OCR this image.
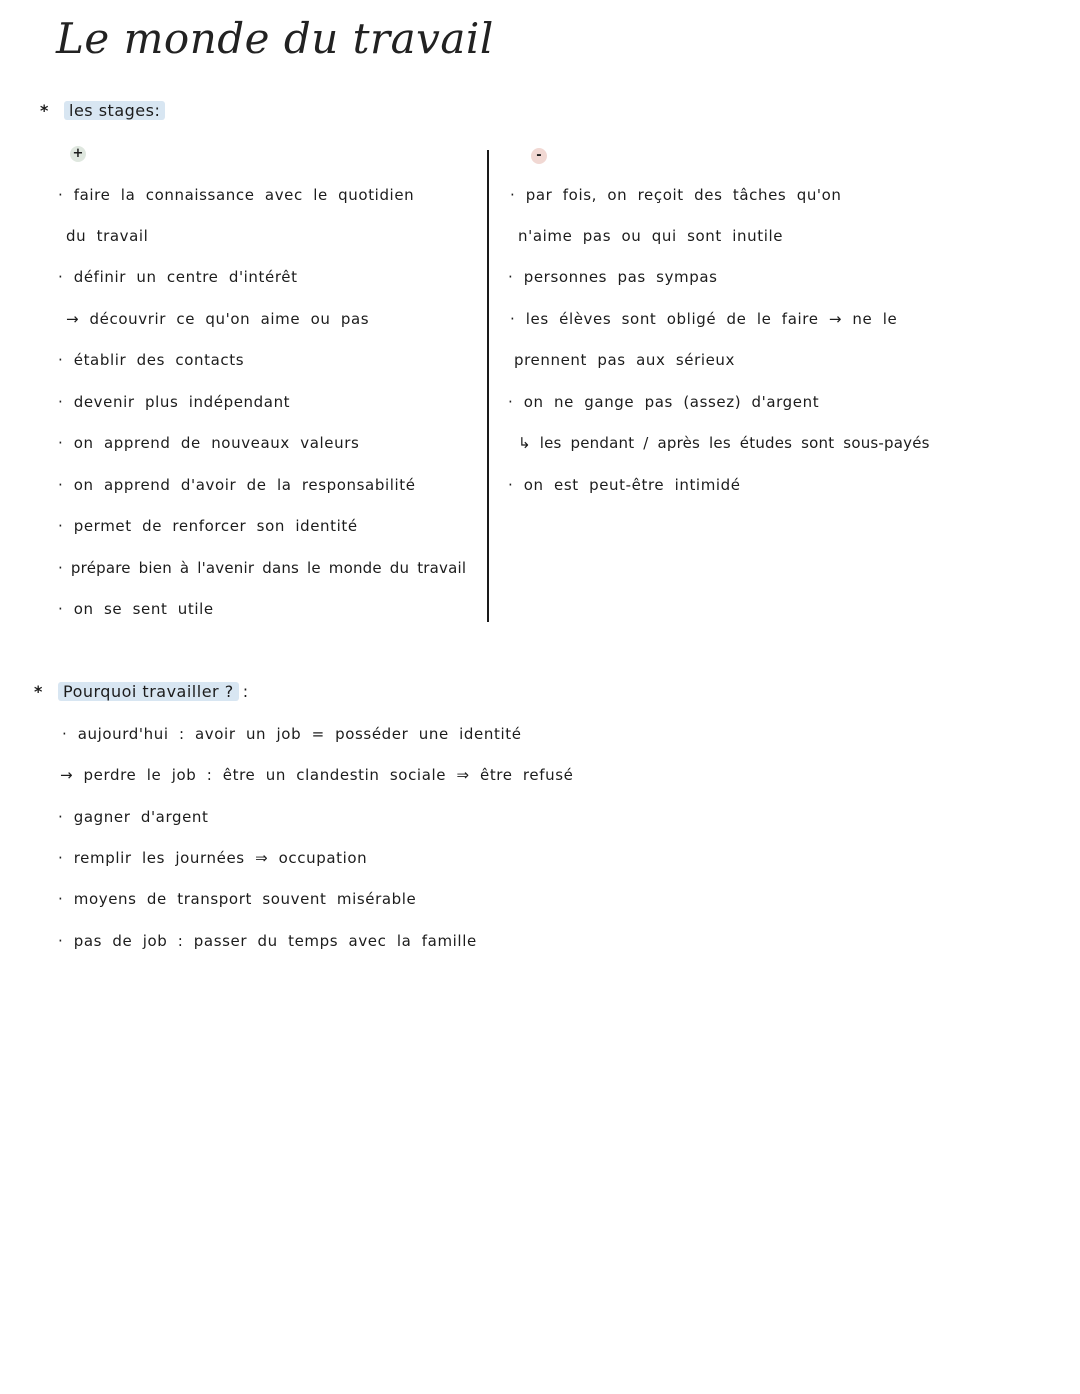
Le monde du travail
*	les stages:
+	-
· faire la connaissance avec le quotidien
du travail
· définir un centre d'intérêt
→ découvrir ce qu'on aime ou pas
· établir des contacts
· devenir plus indépendant
· on apprend de nouveaux valeurs
· on apprend d'avoir de la responsabilité
· permet de renforcer son identité
· prépare bien à l'avenir dans le monde du travail
· on se sent utile
· par fois, on reçoit des tâches qu'on
n'aime pas ou qui sont inutile
· personnes pas sympas
· les élèves sont obligé de le faire → ne le
prennent pas aux sérieux
· on ne gange pas (assez) d'argent
↳ les pendant / après les études sont sous-payés
· on est peut-être intimidé
*	Pourquoi travailler ? :
· aujourd'hui : avoir un job = posséder une identité
→ perdre le job : être un clandestin sociale ⇒ être refusé
· gagner d'argent
· remplir les journées ⇒ occupation
· moyens de transport souvent misérable
· pas de job : passer du temps avec la famille
